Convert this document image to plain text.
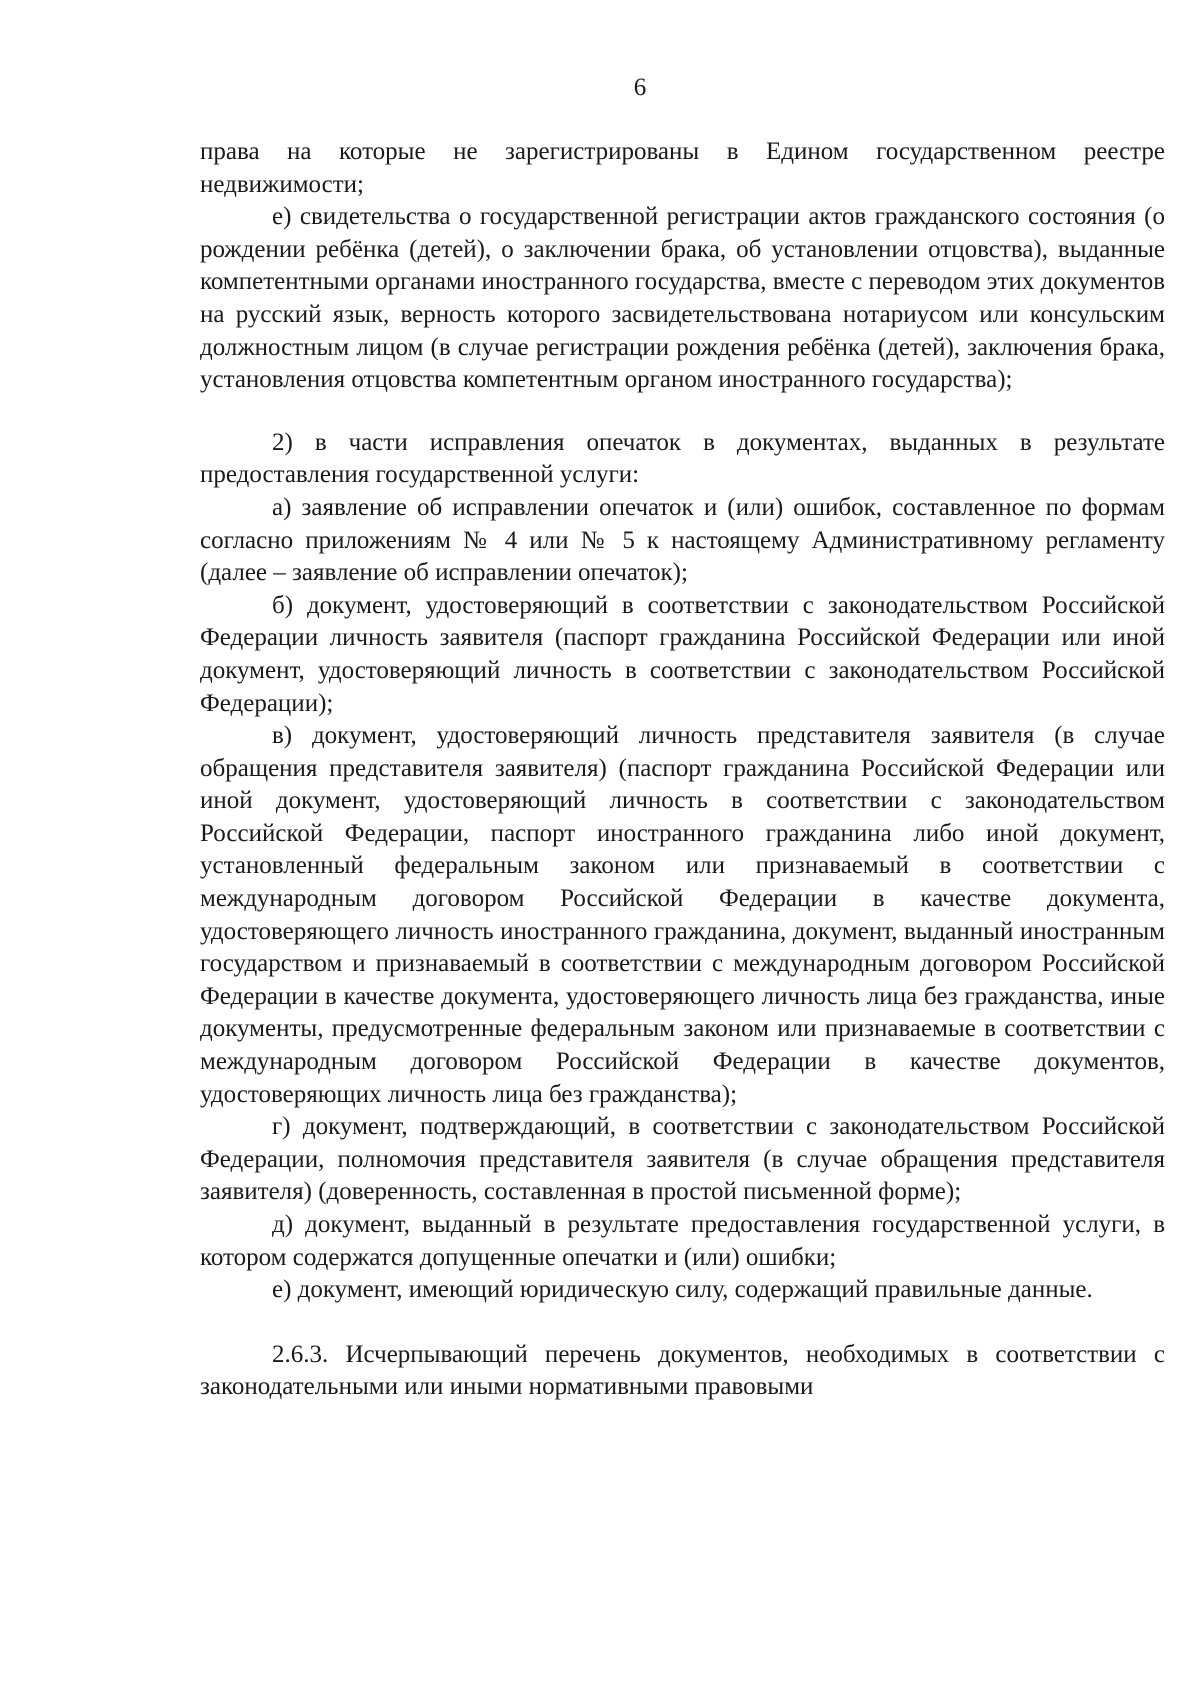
6

права на которые не зарегистрированы в Едином государственном реестре недвижимости;

е) свидетельства о государственной регистрации актов гражданского состояния (о рождении ребёнка (детей), о заключении брака, об установлении отцовства), выданные компетентными органами иностранного государства, вместе с переводом этих документов на русский язык, верность которого засвидетельствована нотариусом или консульским должностным лицом (в случае регистрации рождения ребёнка (детей), заключения брака, установления отцовства компетентным органом иностранного государства);

2) в части исправления опечаток в документах, выданных в результате предоставления государственной услуги:

а) заявление об исправлении опечаток и (или) ошибок, составленное по формам согласно приложениям № 4 или № 5 к настоящему Административному регламенту (далее – заявление об исправлении опечаток);

б) документ, удостоверяющий в соответствии с законодательством Российской Федерации личность заявителя (паспорт гражданина Российской Федерации или иной документ, удостоверяющий личность в соответствии с законодательством Российской Федерации);

в) документ, удостоверяющий личность представителя заявителя (в случае обращения представителя заявителя) (паспорт гражданина Российской Федерации или иной документ, удостоверяющий личность в соответствии с законодательством Российской Федерации, паспорт иностранного гражданина либо иной документ, установленный федеральным законом или признаваемый в соответствии с международным договором Российской Федерации в качестве документа, удостоверяющего личность иностранного гражданина, документ, выданный иностранным государством и признаваемый в соответствии с международным договором Российской Федерации в качестве документа, удостоверяющего личность лица без гражданства, иные документы, предусмотренные федеральным законом или признаваемые в соответствии с международным договором Российской Федерации в качестве документов, удостоверяющих личность лица без гражданства);

г) документ, подтверждающий, в соответствии с законодательством Российской Федерации, полномочия представителя заявителя (в случае обращения представителя заявителя) (доверенность, составленная в простой письменной форме);

д) документ, выданный в результате предоставления государственной услуги, в котором содержатся допущенные опечатки и (или) ошибки;

е) документ, имеющий юридическую силу, содержащий правильные данные.

2.6.3. Исчерпывающий перечень документов, необходимых в соответствии с законодательными или иными нормативными правовыми
